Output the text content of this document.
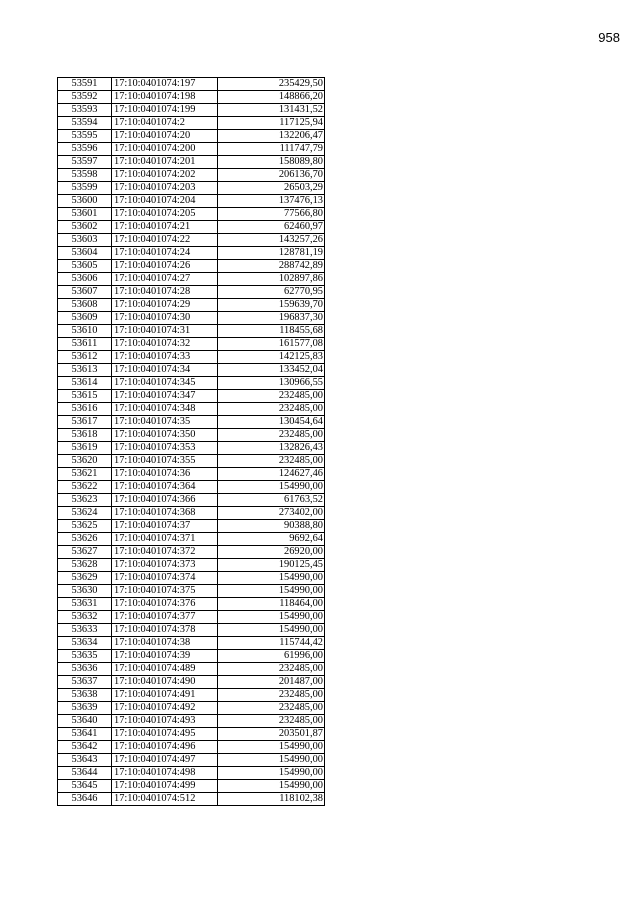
958
53591	17:10:0401074:197	235429,50
53592	17:10:0401074:198	148866,20
53593	17:10:0401074:199	131431,52
53594	17:10:0401074:2	117125,94
53595	17:10:0401074:20	132206,47
53596	17:10:0401074:200	111747,79
53597	17:10:0401074:201	158089,80
53598	17:10:0401074:202	206136,70
53599	17:10:0401074:203	26503,29
53600	17:10:0401074:204	137476,13
53601	17:10:0401074:205	77566,80
53602	17:10:0401074:21	62460,97
53603	17:10:0401074:22	143257,26
53604	17:10:0401074:24	128781,19
53605	17:10:0401074:26	288742,89
53606	17:10:0401074:27	102897,86
53607	17:10:0401074:28	62770,95
53608	17:10:0401074:29	159639,70
53609	17:10:0401074:30	196837,30
53610	17:10:0401074:31	118455,68
53611	17:10:0401074:32	161577,08
53612	17:10:0401074:33	142125,83
53613	17:10:0401074:34	133452,04
53614	17:10:0401074:345	130966,55
53615	17:10:0401074:347	232485,00
53616	17:10:0401074:348	232485,00
53617	17:10:0401074:35	130454,64
53618	17:10:0401074:350	232485,00
53619	17:10:0401074:353	132826,43
53620	17:10:0401074:355	232485,00
53621	17:10:0401074:36	124627,46
53622	17:10:0401074:364	154990,00
53623	17:10:0401074:366	61763,52
53624	17:10:0401074:368	273402,00
53625	17:10:0401074:37	90388,80
53626	17:10:0401074:371	9692,64
53627	17:10:0401074:372	26920,00
53628	17:10:0401074:373	190125,45
53629	17:10:0401074:374	154990,00
53630	17:10:0401074:375	154990,00
53631	17:10:0401074:376	118464,00
53632	17:10:0401074:377	154990,00
53633	17:10:0401074:378	154990,00
53634	17:10:0401074:38	115744,42
53635	17:10:0401074:39	61996,00
53636	17:10:0401074:489	232485,00
53637	17:10:0401074:490	201487,00
53638	17:10:0401074:491	232485,00
53639	17:10:0401074:492	232485,00
53640	17:10:0401074:493	232485,00
53641	17:10:0401074:495	203501,87
53642	17:10:0401074:496	154990,00
53643	17:10:0401074:497	154990,00
53644	17:10:0401074:498	154990,00
53645	17:10:0401074:499	154990,00
53646	17:10:0401074:512	118102,38
